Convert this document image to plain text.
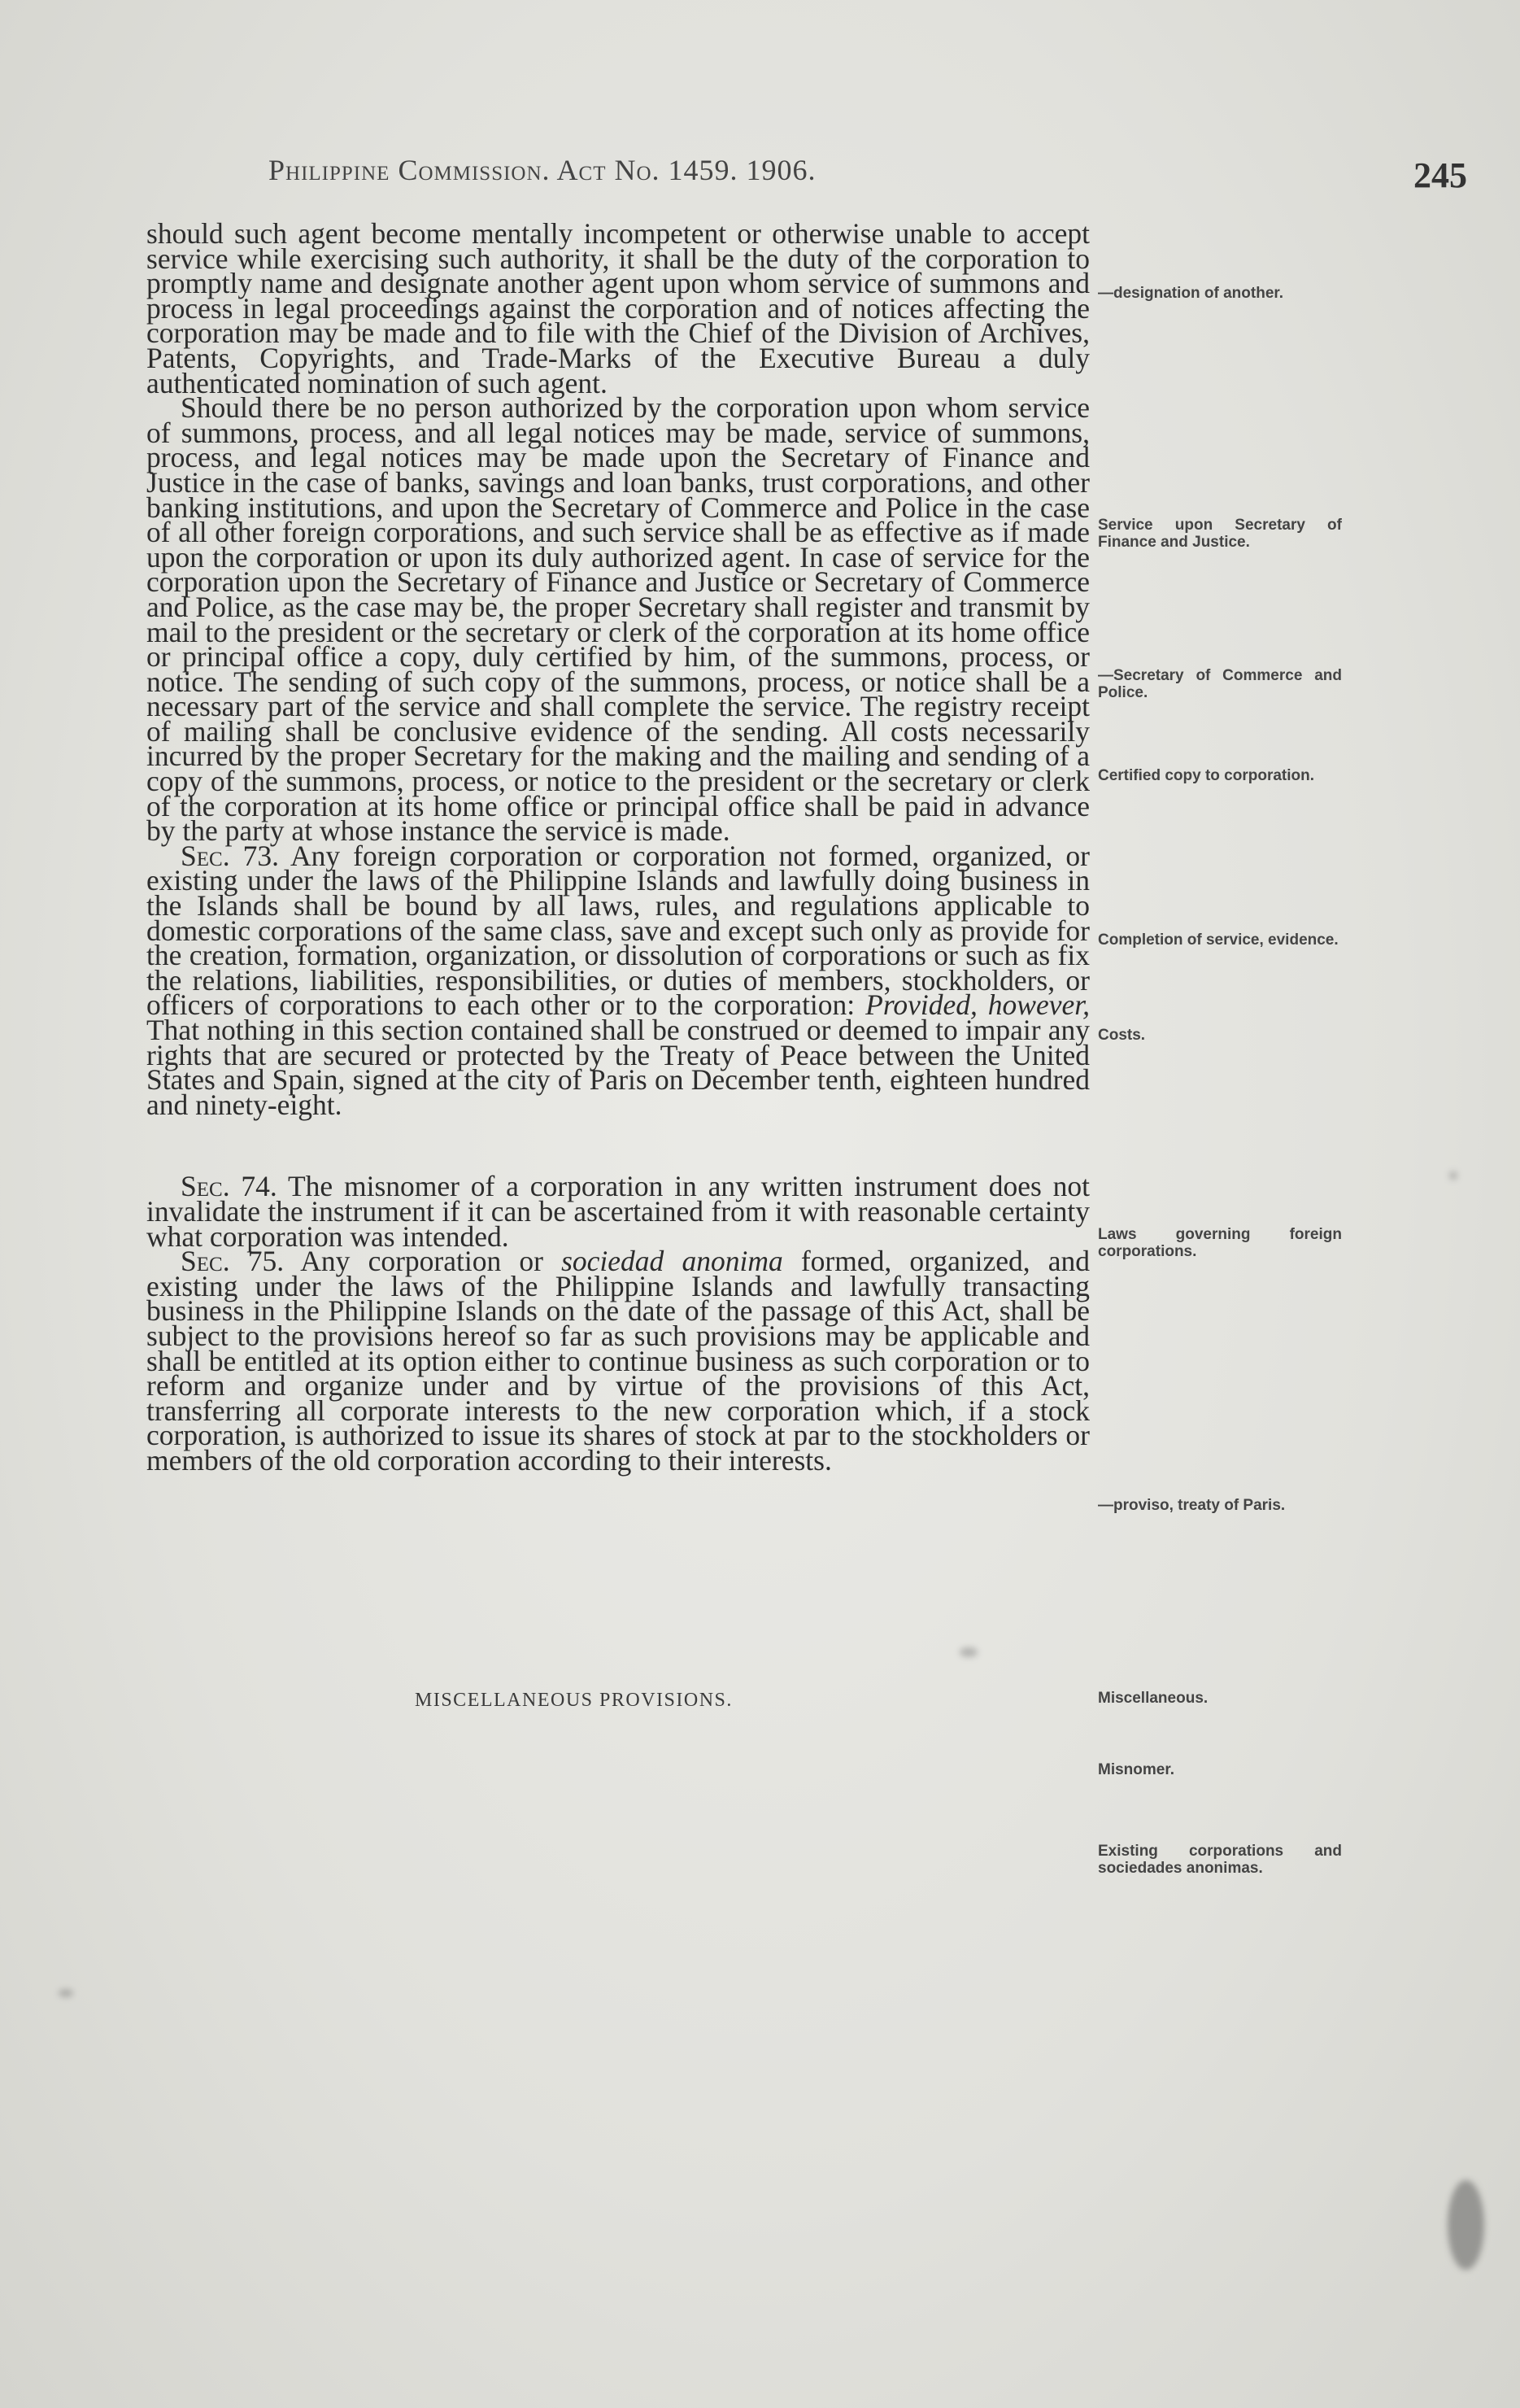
Philippine Commission. Act No. 1459. 1906.	245

should such agent become mentally incompetent or otherwise unable to accept service while exercising such authority, it shall be the duty of the corporation to promptly name and designate another agent upon whom service of summons and process in legal proceedings against the corporation and of notices affecting the corporation may be made and to file with the Chief of the Division of Archives, Patents, Copyrights, and Trade-Marks of the Executive Bureau a duly authenticated nomination of such agent.

Should there be no person authorized by the corporation upon whom service of summons, process, and all legal notices may be made, service of summons, process, and legal notices may be made upon the Secretary of Finance and Justice in the case of banks, savings and loan banks, trust corporations, and other banking institutions, and upon the Secretary of Commerce and Police in the case of all other foreign corporations, and such service shall be as effective as if made upon the corporation or upon its duly authorized agent. In case of service for the corporation upon the Secretary of Finance and Justice or Secretary of Commerce and Police, as the case may be, the proper Secretary shall register and transmit by mail to the president or the secretary or clerk of the corporation at its home office or principal office a copy, duly certified by him, of the summons, process, or notice. The sending of such copy of the summons, process, or notice shall be a necessary part of the service and shall complete the service. The registry receipt of mailing shall be conclusive evidence of the sending. All costs necessarily incurred by the proper Secretary for the making and the mailing and sending of a copy of the summons, process, or notice to the president or the secretary or clerk of the corporation at its home office or principal office shall be paid in advance by the party at whose instance the service is made.

Sec. 73. Any foreign corporation or corporation not formed, organized, or existing under the laws of the Philippine Islands and lawfully doing business in the Islands shall be bound by all laws, rules, and regulations applicable to domestic corporations of the same class, save and except such only as provide for the creation, formation, organization, or dissolution of corporations or such as fix the relations, liabilities, responsibilities, or duties of members, stockholders, or officers of corporations to each other or to the corporation: Provided, however, That nothing in this section contained shall be construed or deemed to impair any rights that are secured or protected by the Treaty of Peace between the United States and Spain, signed at the city of Paris on December tenth, eighteen hundred and ninety-eight.

Sec. 74. The misnomer of a corporation in any written instrument does not invalidate the instrument if it can be ascertained from it with reasonable certainty what corporation was intended.

Sec. 75. Any corporation or sociedad anonima formed, organized, and existing under the laws of the Philippine Islands and lawfully transacting business in the Philippine Islands on the date of the passage of this Act, shall be subject to the provisions hereof so far as such provisions may be applicable and shall be entitled at its option either to continue business as such corporation or to reform and organize under and by virtue of the provisions of this Act, transferring all corporate interests to the new corporation which, if a stock corporation, is authorized to issue its shares of stock at par to the stockholders or members of the old corporation according to their interests.

MISCELLANEOUS PROVISIONS.
—designation of another.
Service upon Secretary of Finance and Justice.
—Secretary of Commerce and Police.
Certified copy to corporation.
Completion of service, evidence.
Costs.
Laws governing foreign corporations.
—proviso, treaty of Paris.
Miscellaneous.
Misnomer.
Existing corporations and sociedades anonimas.
